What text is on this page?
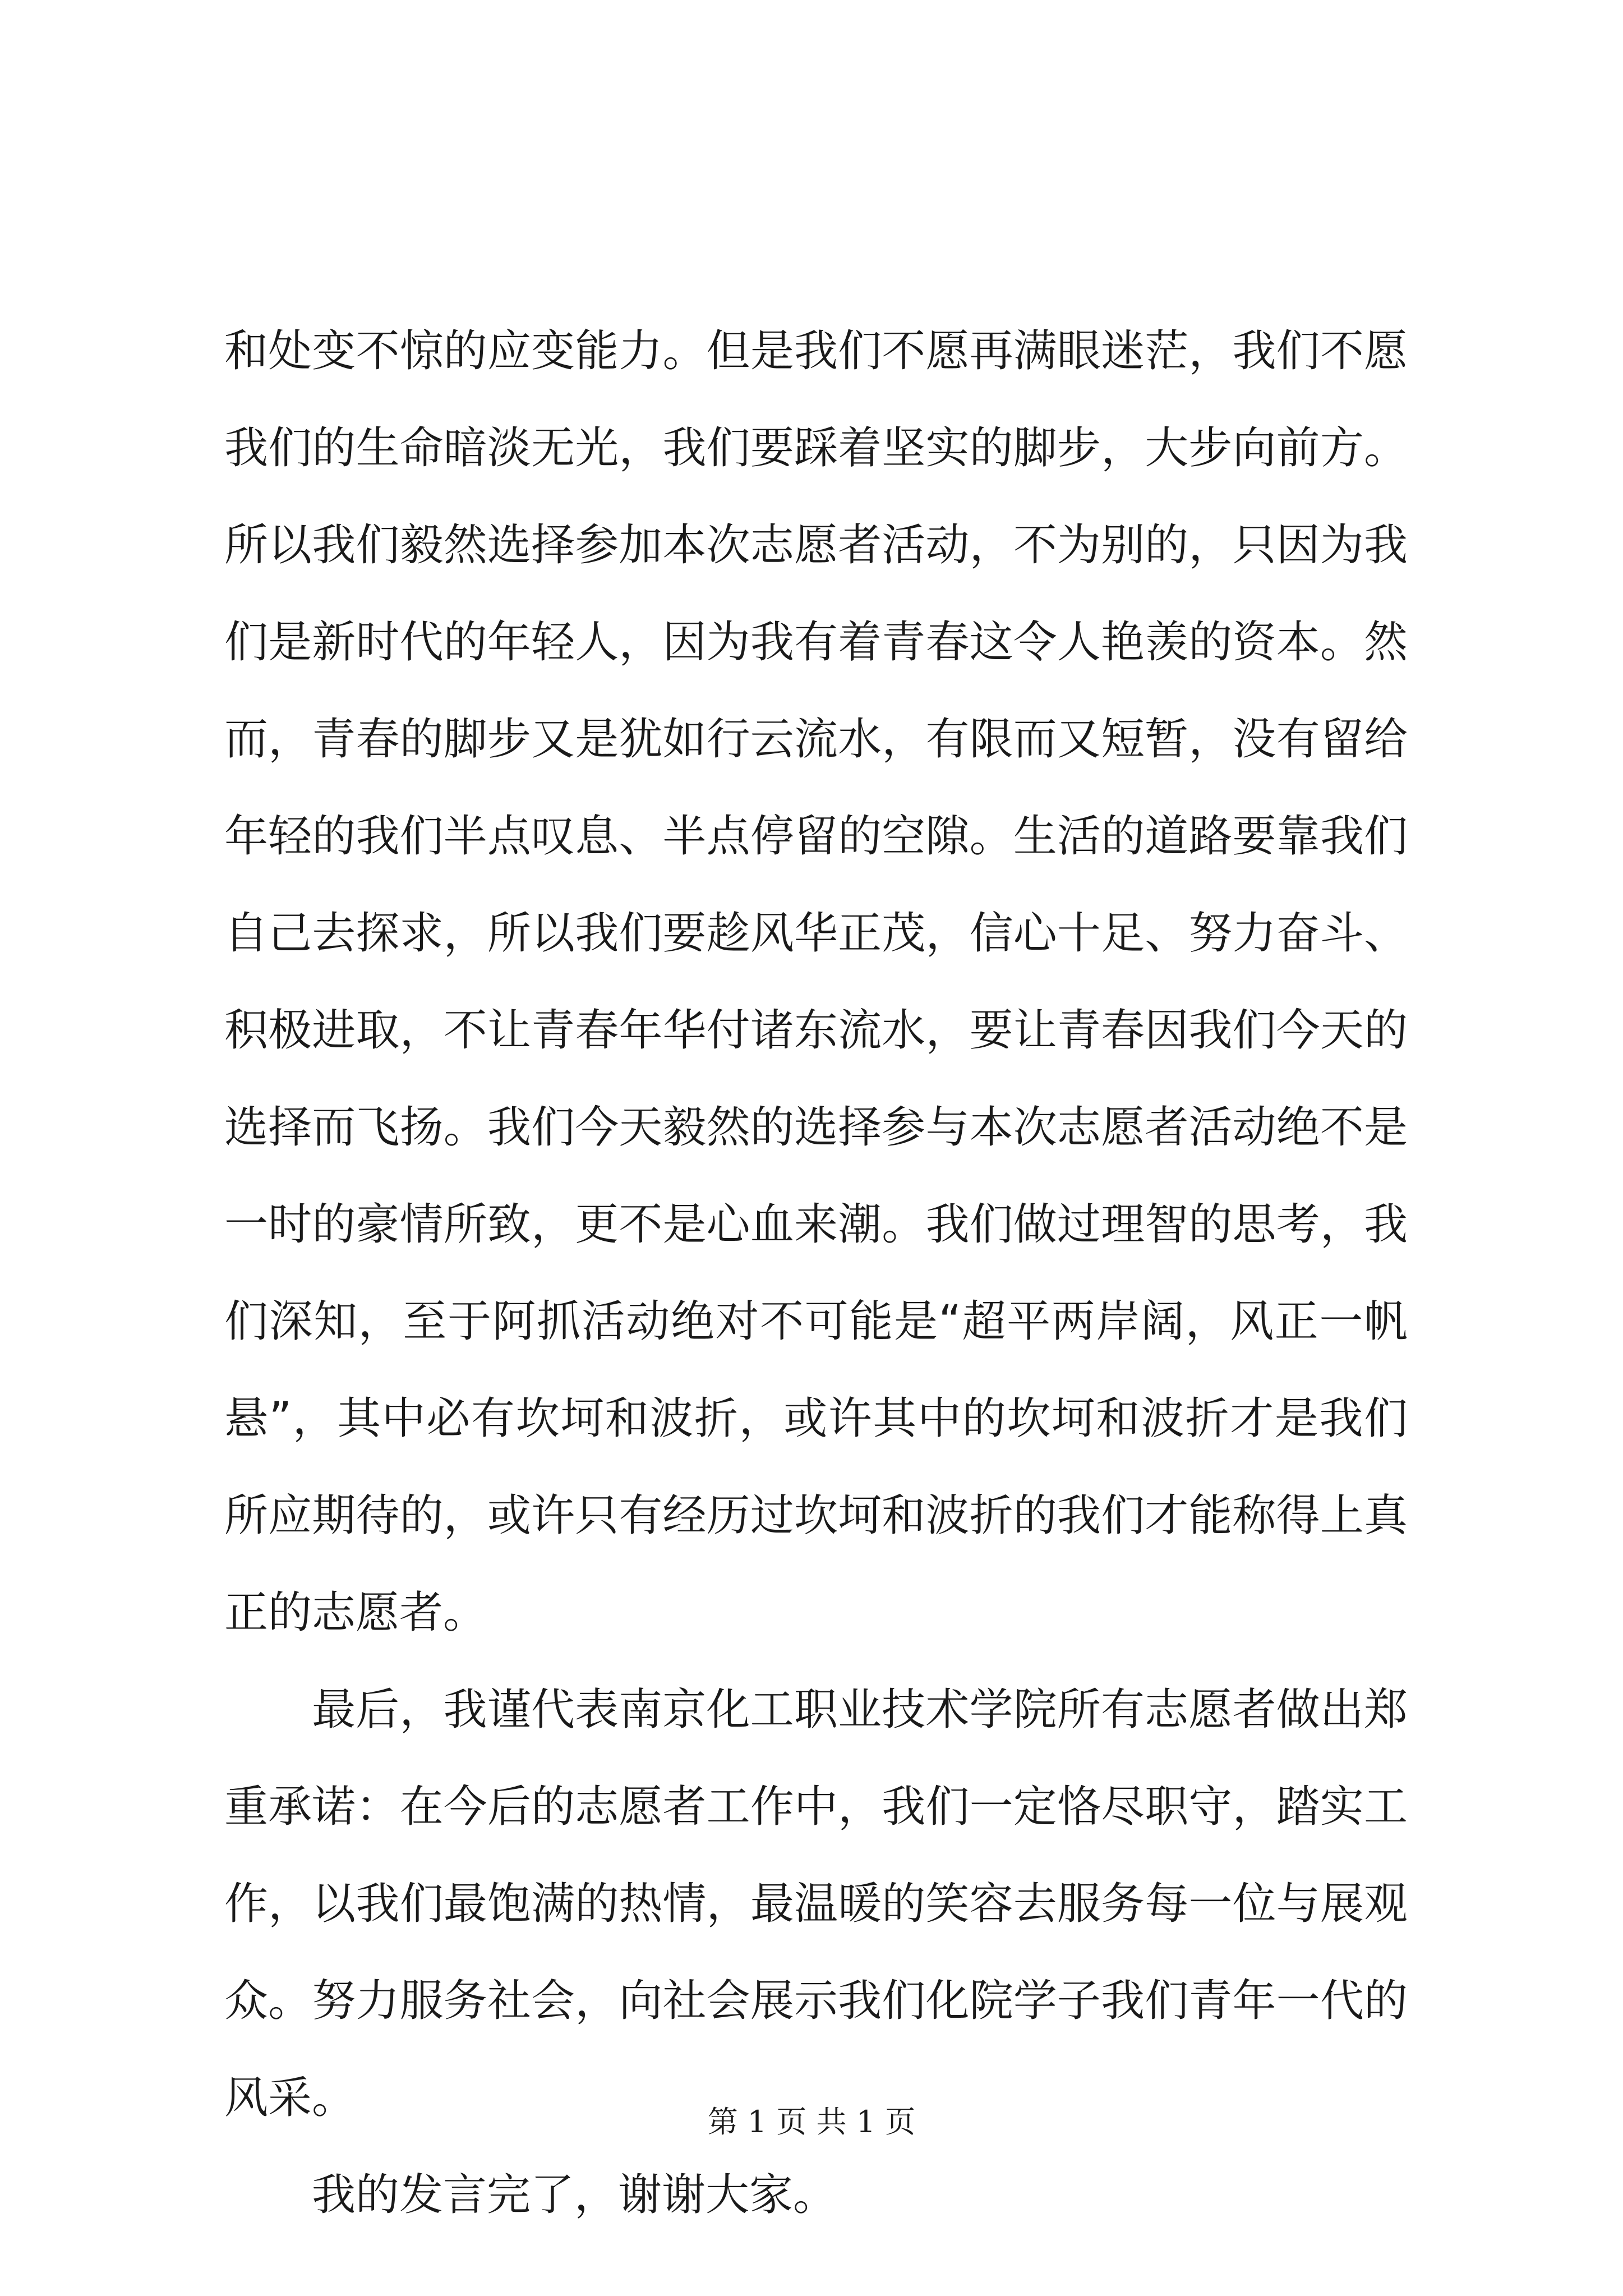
和处变不惊的应变能力。但是我们不愿再满眼迷茫，我们不愿我们的生命暗淡无光，我们要踩着坚实的脚步，大步向前方。所以我们毅然选择参加本次志愿者活动，不为别的，只因为我们是新时代的年轻人，因为我有着青春这令人艳羡的资本。然而，青春的脚步又是犹如行云流水，有限而又短暂，没有留给年轻的我们半点叹息、半点停留的空隙。生活的道路要靠我们自己去探求，所以我们要趁风华正茂，信心十足、努力奋斗、积极进取，不让青春年华付诸东流水，要让青春因我们今天的选择而飞扬。我们今天毅然的选择参与本次志愿者活动绝不是一时的豪情所致，更不是心血来潮。我们做过理智的思考，我们深知，至于阿抓活动绝对不可能是“超平两岸阔，风正一帆悬”，其中必有坎坷和波折，或许其中的坎坷和波折才是我们所应期待的，或许只有经历过坎坷和波折的我们才能称得上真正的志愿者。

最后，我谨代表南京化工职业技术学院所有志愿者做出郑重承诺：在今后的志愿者工作中，我们一定恪尽职守，踏实工作，以我们最饱满的热情，最温暖的笑容去服务每一位与展观众。努力服务社会，向社会展示我们化院学子我们青年一代的风采。

我的发言完了，谢谢大家。

第 1 页 共 1 页
